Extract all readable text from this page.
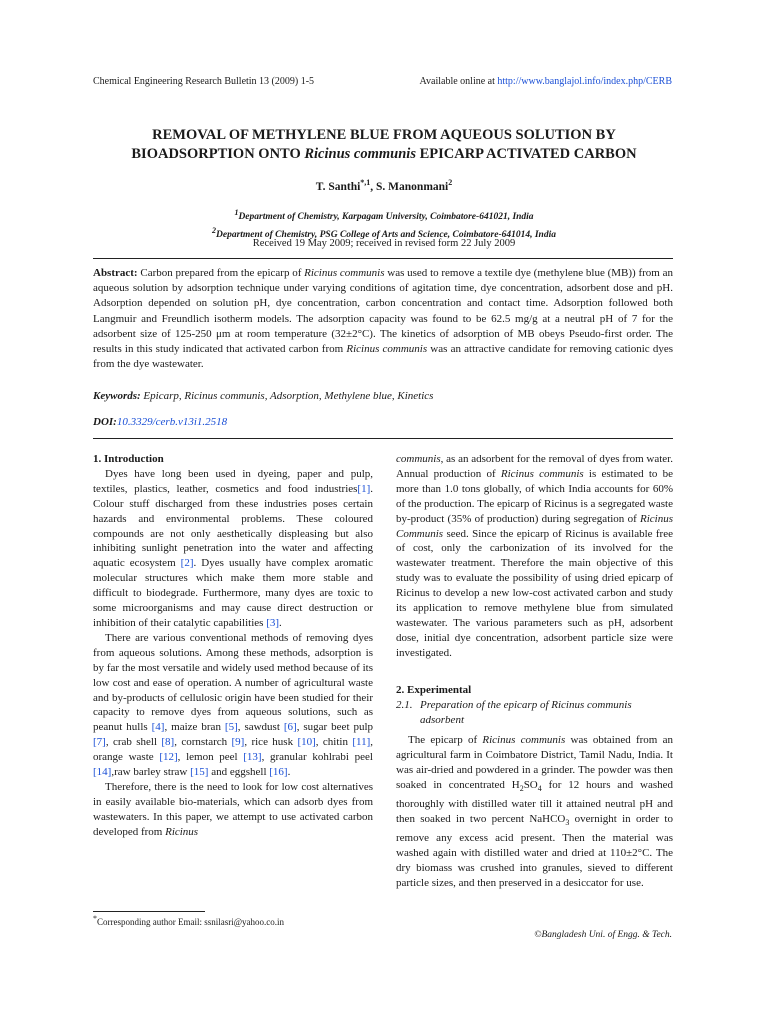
Chemical Engineering Research Bulletin 13 (2009) 1-5	Available online at http://www.banglajol.info/index.php/CERB
REMOVAL OF METHYLENE BLUE FROM AQUEOUS SOLUTION BY
BIOADSORPTION ONTO Ricinus communis EPICARP ACTIVATED CARBON
T. Santhi$^{*,1}$, S. Manonmani$^2$
$^1$Department of Chemistry, Karpagam University, Coimbatore-641021, India
$^2$Department of Chemistry, PSG College of Arts and Science, Coimbatore-641014, India
Received 19 May 2009; received in revised form 22 July 2009
Abstract: Carbon prepared from the epicarp of Ricinus communis was used to remove a textile dye (methylene blue (MB)) from an aqueous solution by adsorption technique under varying conditions of agitation time, dye concentration, adsorbent dose and pH. Adsorption depended on solution pH, dye concentration, carbon concentration and contact time. Adsorption followed both Langmuir and Freundlich isotherm models. The adsorption capacity was found to be 62.5 mg/g at a neutral pH of 7 for the adsorbent size of 125-250 μm at room temperature (32±2°C). The kinetics of adsorption of MB obeys Pseudo-first order. The results in this study indicated that activated carbon from Ricinus communis was an attractive candidate for removing cationic dyes from the dye wastewater.
Keywords: Epicarp, Ricinus communis, Adsorption, Methylene blue, Kinetics
DOI:10.3329/cerb.v13i1.2518

1. Introduction

Dyes have long been used in dyeing, paper and pulp, textiles, plastics, leather, cosmetics and food industries[1]. Colour stuff discharged from these industries poses certain hazards and environmental problems. These coloured compounds are not only aesthetically displeasing but also inhibiting sunlight penetration into the water and affecting aquatic ecosystem [2]. Dyes usually have complex aromatic molecular structures which make them more stable and difficult to biodegrade. Furthermore, many dyes are toxic to some microorganisms and may cause direct destruction or inhibition of their catalytic capabilities [3].

There are various conventional methods of removing dyes from aqueous solutions. Among these methods, adsorption is by far the most versatile and widely used method because of its low cost and ease of operation. A number of agricultural waste and by-products of cellulosic origin have been studied for their capacity to remove dyes from aqueous solutions, such as peanut hulls [4], maize bran [5], sawdust [6], sugar beet pulp [7], crab shell [8], cornstarch [9], rice husk [10], chitin [11], orange waste [12], lemon peel [13], granular kohlrabi peel [14],raw barley straw [15] and eggshell [16].

Therefore, there is the need to look for low cost alternatives in easily available bio-materials, which can adsorb dyes from wastewaters. In this paper, we attempt to use activated carbon developed from Ricinus

communis, as an adsorbent for the removal of dyes from water. Annual production of Ricinus communis is estimated to be more than 1.0 tons globally, of which India accounts for 60% of the production. The epicarp of Ricinus is a segregated waste by-product (35% of production) during segregation of Ricinus Communis seed. Since the epicarp of Ricinus is available free of cost, only the carbonization of its involved for the wastewater treatment. Therefore the main objective of this study was to evaluate the possibility of using dried epicarp of Ricinus to develop a new low-cost activated carbon and study its application to remove methylene blue from simulated wastewater. The various parameters such as pH, adsorbent dose, initial dye concentration, adsorbent particle size were investigated.

2. Experimental

2.1. Preparation of the epicarp of Ricinus communis
adsorbent

The epicarp of Ricinus communis was obtained from an agricultural farm in Coimbatore District, Tamil Nadu, India. It was air-dried and powdered in a grinder. The powder was then soaked in concentrated $H_2SO_4$ for 12 hours and washed thoroughly with distilled water till it attained neutral pH and then soaked in two percent NaHCO$_3$ overnight in order to remove any excess acid present. Then the material was washed again with distilled water and dried at 110±2°C. The dry biomass was crushed into granules, sieved to different particle sizes, and then preserved in a desiccator for use.

*Corresponding author Email: ssnilasri@yahoo.co.in
©Bangladesh Uni. of Engg. & Tech.
